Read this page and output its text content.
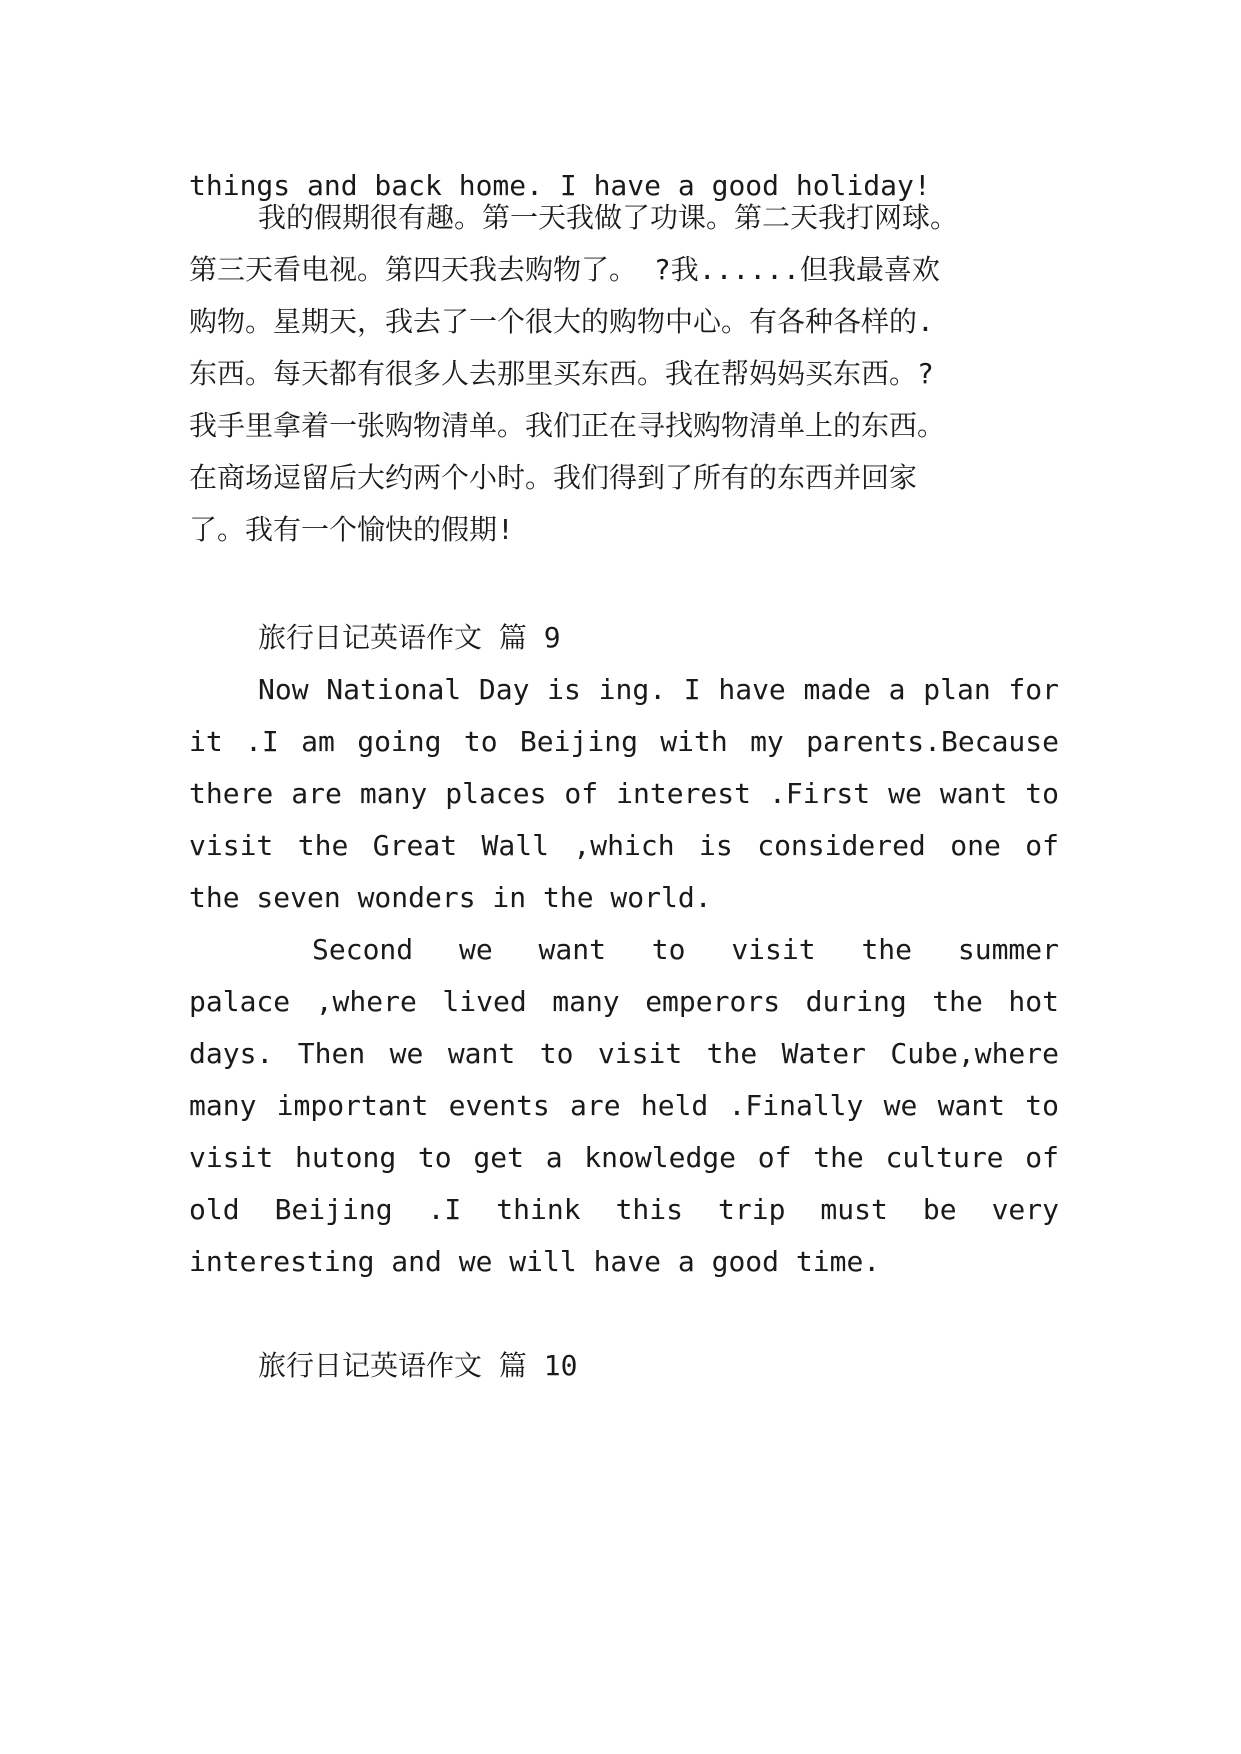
things and back home. I have a good holiday!
我的假期很有趣。第一天我做了功课。第二天我打网球。
第三天看电视。第四天我去购物了。 ?我......但我最喜欢
购物。星期天，我去了一个很大的购物中心。有各种各样的.
东西。每天都有很多人去那里买东西。我在帮妈妈买东西。?
我手里拿着一张购物清单。我们正在寻找购物清单上的东西。
在商场逗留后大约两个小时。我们得到了所有的东西并回家
了。我有一个愉快的假期!
旅行日记英语作文 篇 9
Now National Day is ing. I have made a plan for
it .I am going to Beijing with my parents.Because
there are many places of interest .First we want to
visit the Great Wall ,which is considered one of
the seven wonders in the world.
Second we want to visit the summer
palace ,where lived many emperors during the hot
days. Then we want to visit the Water Cube,where
many important events are held .Finally we want to
visit hutong to get a knowledge of the culture of
old Beijing .I think this trip must be very
interesting and we will have a good time.
旅行日记英语作文 篇 10
